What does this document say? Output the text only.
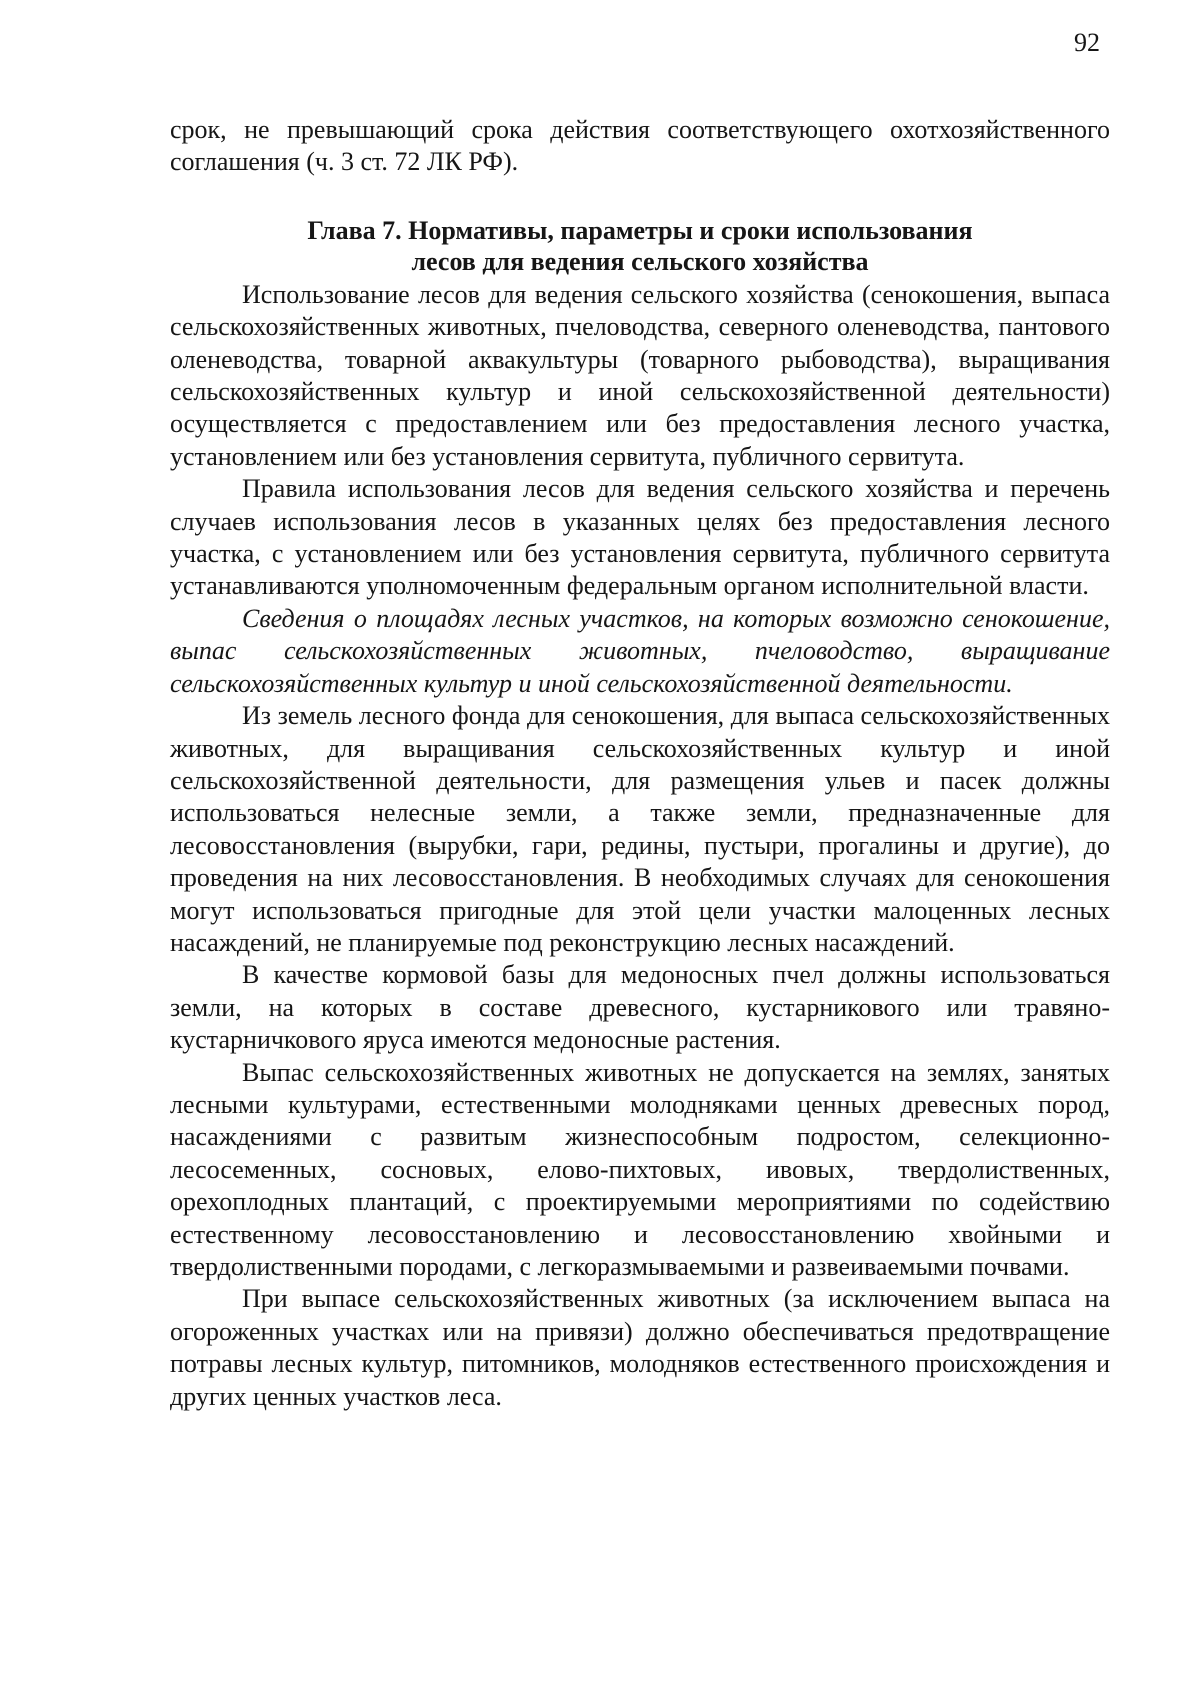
92

срок, не превышающий срока действия соответствующего охотхозяйственного соглашения (ч. 3 ст. 72 ЛК РФ).

Глава 7. Нормативы, параметры и сроки использования
лесов для ведения сельского хозяйства

Использование лесов для ведения сельского хозяйства (сенокошения, выпаса сельскохозяйственных животных, пчеловодства, северного оленеводства, пантового оленеводства, товарной аквакультуры (товарного рыбоводства), выращивания сельскохозяйственных культур и иной сельскохозяйственной деятельности) осуществляется с предоставлением или без предоставления лесного участка, установлением или без установления сервитута, публичного сервитута.

Правила использования лесов для ведения сельского хозяйства и перечень случаев использования лесов в указанных целях без предоставления лесного участка, с установлением или без установления сервитута, публичного сервитута устанавливаются уполномоченным федеральным органом исполнительной власти.

Сведения о площадях лесных участков, на которых возможно сенокошение, выпас сельскохозяйственных животных, пчеловодство, выращивание сельскохозяйственных культур и иной сельскохозяйственной деятельности.

Из земель лесного фонда для сенокошения, для выпаса сельскохозяйственных животных, для выращивания сельскохозяйственных культур и иной сельскохозяйственной деятельности, для размещения ульев и пасек должны использоваться нелесные земли, а также земли, предназначенные для лесовосстановления (вырубки, гари, редины, пустыри, прогалины и другие), до проведения на них лесовосстановления. В необходимых случаях для сенокошения могут использоваться пригодные для этой цели участки малоценных лесных насаждений, не планируемые под реконструкцию лесных насаждений.

В качестве кормовой базы для медоносных пчел должны использоваться земли, на которых в составе древесного, кустарникового или травяно-кустарничкового яруса имеются медоносные растения.

Выпас сельскохозяйственных животных не допускается на землях, занятых лесными культурами, естественными молодняками ценных древесных пород, насаждениями с развитым жизнеспособным подростом, селекционно-лесосеменных, сосновых, елово-пихтовых, ивовых, твердолиственных, орехоплодных плантаций, с проектируемыми мероприятиями по содействию естественному лесовосстановлению и лесовосстановлению хвойными и твердолиственными породами, с легкоразмываемыми и развеиваемыми почвами.

При выпасе сельскохозяйственных животных (за исключением выпаса на огороженных участках или на привязи) должно обеспечиваться предотвращение потравы лесных культур, питомников, молодняков естественного происхождения и других ценных участков леса.
